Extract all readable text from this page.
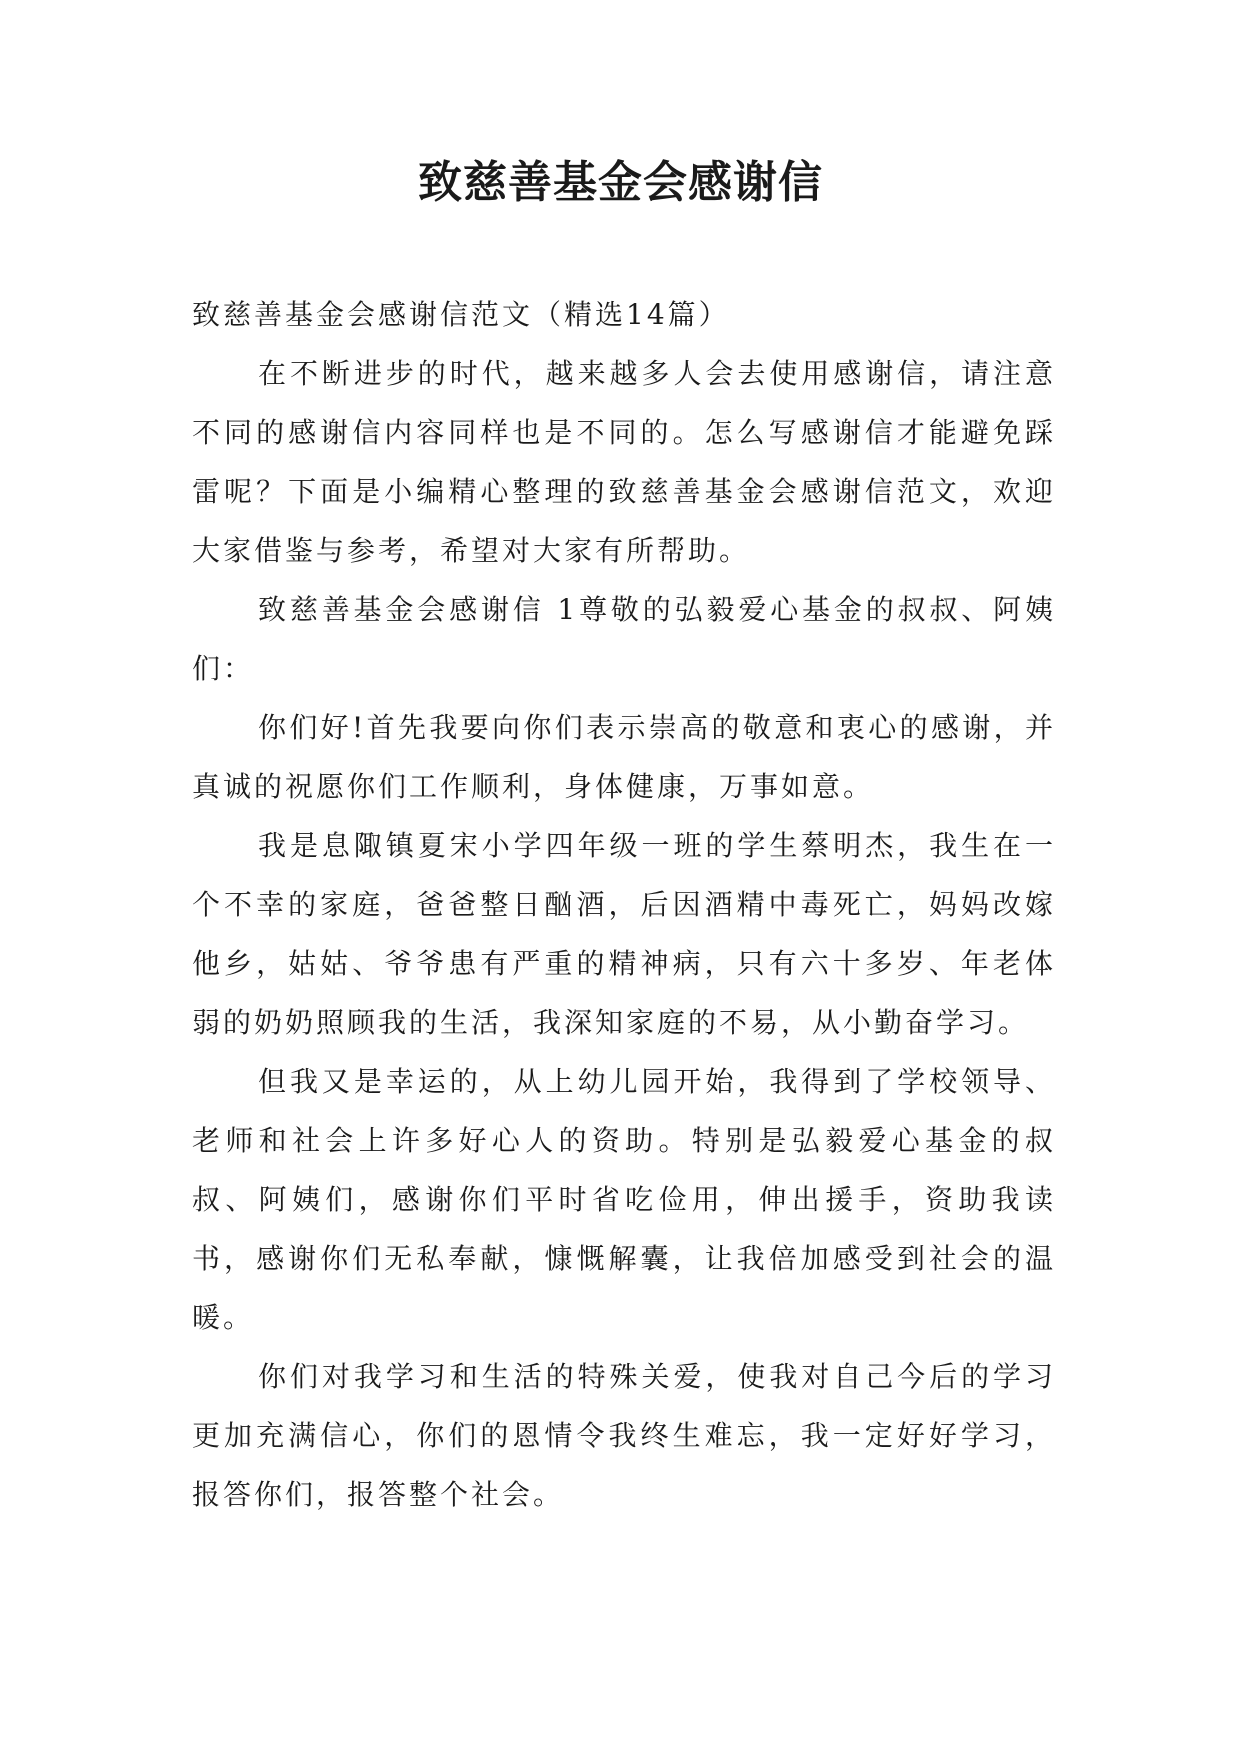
致慈善基金会感谢信

致慈善基金会感谢信范文（精选14篇）

在不断进步的时代，越来越多人会去使用感谢信，请注意不同的感谢信内容同样也是不同的。怎么写感谢信才能避免踩雷呢？下面是小编精心整理的致慈善基金会感谢信范文，欢迎大家借鉴与参考，希望对大家有所帮助。

致慈善基金会感谢信 1尊敬的弘毅爱心基金的叔叔、阿姨们：

你们好!首先我要向你们表示崇高的敬意和衷心的感谢，并真诚的祝愿你们工作顺利，身体健康，万事如意。

我是息陬镇夏宋小学四年级一班的学生蔡明杰，我生在一个不幸的家庭，爸爸整日酗酒，后因酒精中毒死亡，妈妈改嫁他乡，姑姑、爷爷患有严重的精神病，只有六十多岁、年老体弱的奶奶照顾我的生活，我深知家庭的不易，从小勤奋学习。

但我又是幸运的，从上幼儿园开始，我得到了学校领导、老师和社会上许多好心人的资助。特别是弘毅爱心基金的叔叔、阿姨们，感谢你们平时省吃俭用，伸出援手，资助我读书，感谢你们无私奉献，慷慨解囊，让我倍加感受到社会的温暖。

你们对我学习和生活的特殊关爱，使我对自己今后的学习更加充满信心，你们的恩情令我终生难忘，我一定好好学习，报答你们，报答整个社会。
